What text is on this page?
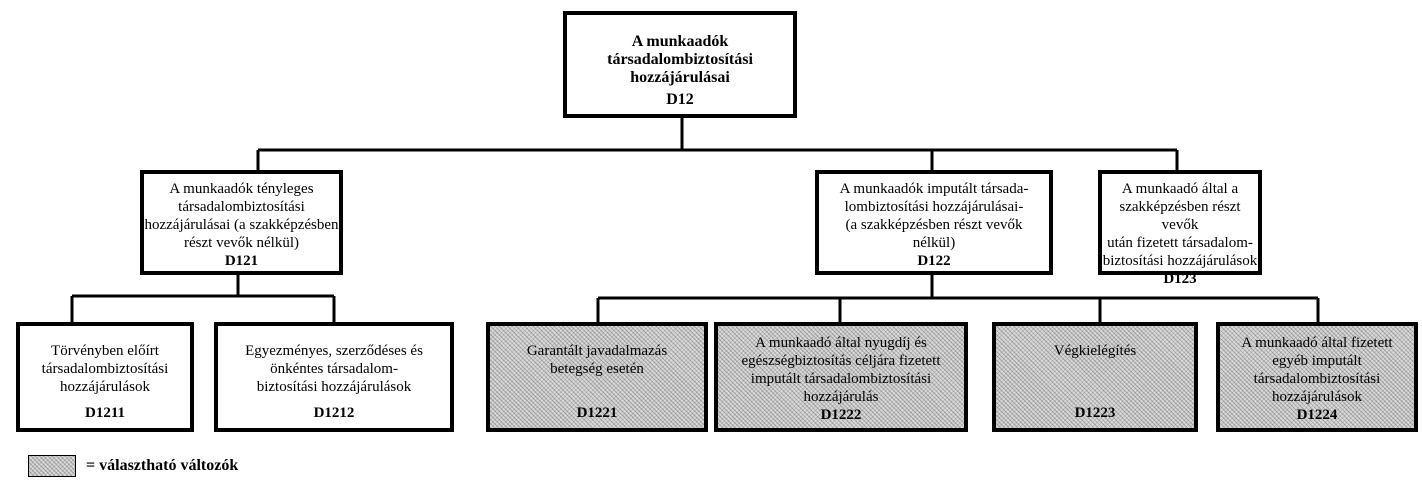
A munkaadók
társadalombiztosítási
hozzájárulásai
D12
A munkaadók tényleges
társadalombiztosítási
hozzájárulásai (a szakképzésben
részt vevők nélkül)
D121
A munkaadók imputált társada-
lombiztosítási hozzájárulásai-
(a szakképzésben részt vevők
nélkül)
D122
A munkaadó által a
szakképzésben részt vevők
után fizetett társadalom-
biztosítási hozzájárulások
D123
Törvényben előírt
társadalombiztosítási
hozzájárulások
D1211
Egyezményes, szerződéses és
önkéntes társadalom-
biztosítási hozzájárulások
D1212
Garantált javadalmazás
betegség esetén
D1221
A munkaadó által nyugdíj és
egészségbiztosítás céljára fizetett
imputált társadalombiztosítási
hozzájárulás
D1222
Végkielégítés
D1223
A munkaadó által fizetett
egyéb imputált
társadalombiztosítási
hozzájárulások
D1224
= választható változók
